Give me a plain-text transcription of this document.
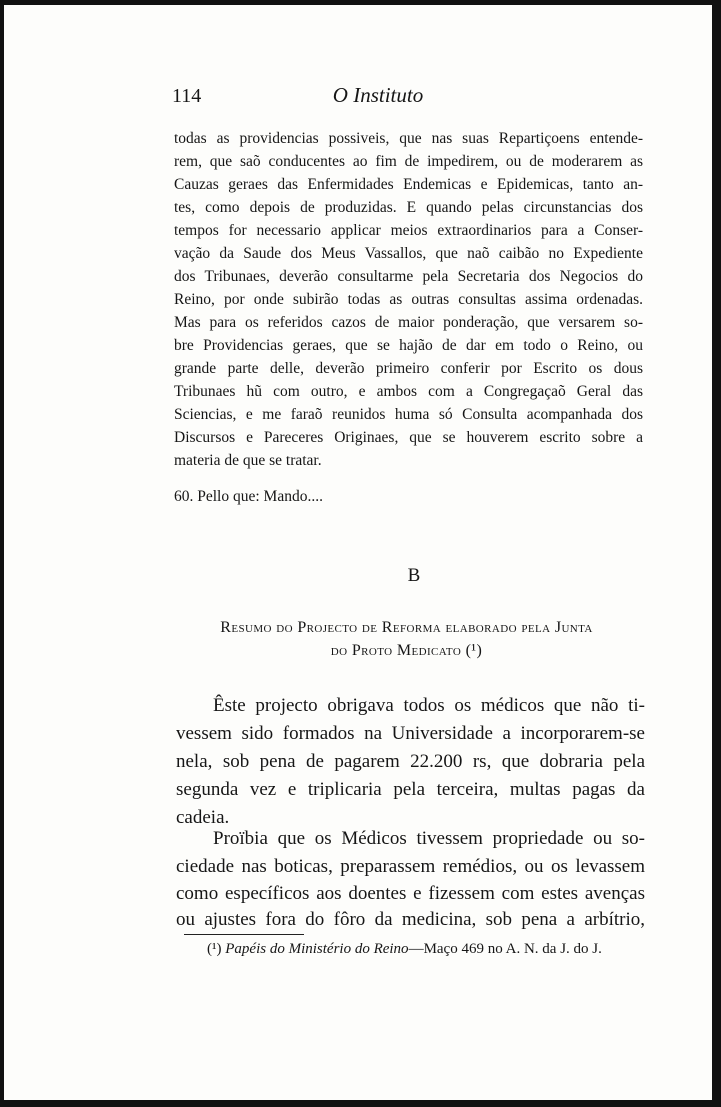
114	O Instituto
todas as providencias possiveis, que nas suas Repartiçoens entende-
rem, que saõ conducentes ao fim de impedirem, ou de moderarem as
Cauzas geraes das Enfermidades Endemicas e Epidemicas, tanto an-
tes, como depois de produzidas. E quando pelas circunstancias dos
tempos for necessario applicar meios extraordinarios para a Conser-
vação da Saude dos Meus Vassallos, que naõ caibão no Expediente
dos Tribunaes, deverão consultarme pela Secretaria dos Negocios do
Reino, por onde subirão todas as outras consultas assima ordenadas.
Mas para os referidos cazos de maior ponderação, que versarem so-
bre Providencias geraes, que se hajão de dar em todo o Reino, ou
grande parte delle, deverão primeiro conferir por Escrito os dous
Tribunaes hũ com outro, e ambos com a Congregaçaõ Geral das
Sciencias, e me faraõ reunidos huma só Consulta acompanhada dos
Discursos e Pareceres Originaes, que se houverem escrito sobre a
materia de que se tratar.
60. Pello que: Mando....
B
Resumo do Projecto de Reforma elaborado pela Junta
do Proto Medicato (¹)
Êste projecto obrigava todos os médicos que não ti-
vessem sido formados na Universidade a incorporarem-se
nela, sob pena de pagarem 22.200 rs, que dobraria pela
segunda vez e triplicaria pela terceira, multas pagas da
cadeia.
Proïbia que os Médicos tivessem propriedade ou so-
ciedade nas boticas, preparassem remédios, ou os levassem
como específicos aos doentes e fizessem com estes avenças
ou ajustes fora do fôro da medicina, sob pena a arbítrio,
(¹) Papéis do Ministério do Reino—Maço 469 no A. N. da J. do J.
